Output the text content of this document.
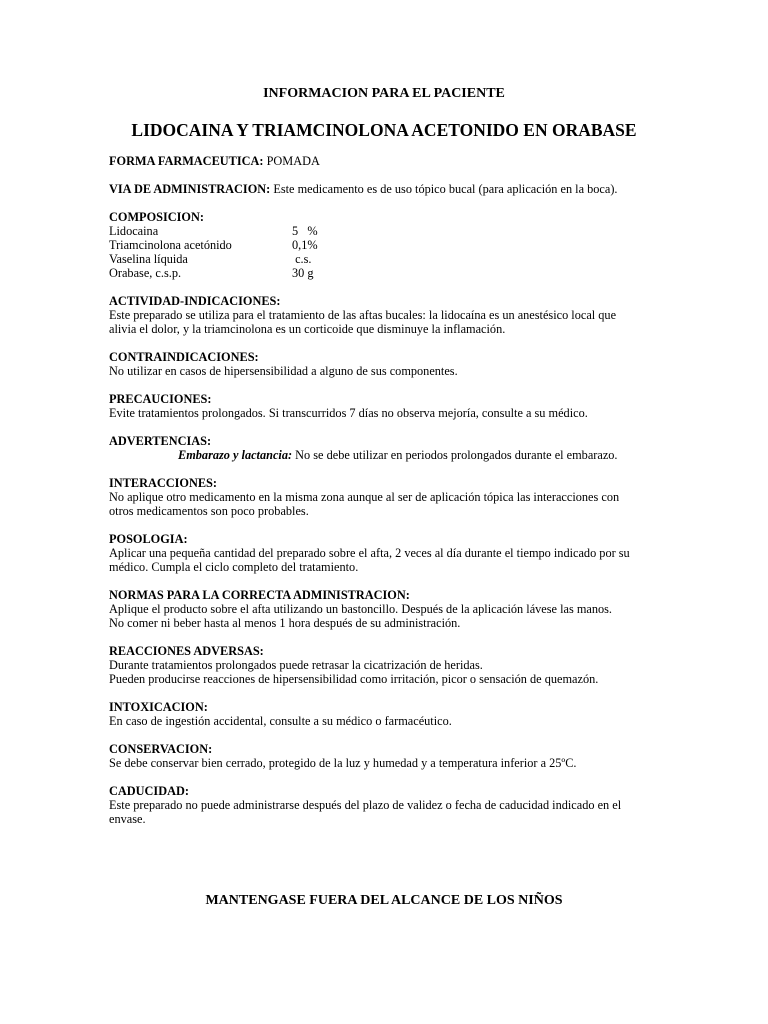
INFORMACION PARA EL PACIENTE
LIDOCAINA Y TRIAMCINOLONA ACETONIDO EN ORABASE
FORMA FARMACEUTICA: POMADA
VIA DE ADMINISTRACION: Este medicamento es de uso tópico bucal (para aplicación en la boca).
COMPOSICION:
Lidocaina	5   %
Triamcinolona acetónido	0,1%
Vaselina líquida	c.s.
Orabase, c.s.p.	30 g
ACTIVIDAD-INDICACIONES:
Este preparado se utiliza para el tratamiento de las aftas bucales: la lidocaína es un anestésico local que
alivia el dolor, y la triamcinolona es un corticoide que disminuye la inflamación.
CONTRAINDICACIONES:
No utilizar en casos de hipersensibilidad a alguno de sus componentes.
PRECAUCIONES:
Evite tratamientos prolongados. Si transcurridos 7 días no observa mejoría, consulte a su médico.
ADVERTENCIAS:
Embarazo y lactancia: No se debe utilizar en periodos prolongados durante el embarazo.
INTERACCIONES:
No aplique otro medicamento en la misma zona aunque al ser de aplicación tópica las interacciones con
otros medicamentos son poco probables.
POSOLOGIA:
Aplicar una pequeña cantidad del preparado sobre el afta, 2 veces al día durante el tiempo indicado por su
médico. Cumpla el ciclo completo del tratamiento.
NORMAS PARA LA CORRECTA ADMINISTRACION:
Aplique el producto sobre el afta utilizando un bastoncillo. Después de la aplicación lávese las manos.
No comer ni beber hasta al menos 1 hora después de su administración.
REACCIONES ADVERSAS:
Durante tratamientos prolongados puede retrasar la cicatrización de heridas.
Pueden producirse reacciones de hipersensibilidad como irritación, picor o sensación de quemazón.
INTOXICACION:
En caso de ingestión accidental, consulte a su médico o farmacéutico.
CONSERVACION:
Se debe conservar bien cerrado, protegido de la luz y humedad y a temperatura inferior a 25ºC.
CADUCIDAD:
Este preparado no puede administrarse después del plazo de validez o fecha de caducidad indicado en el
envase.
MANTENGASE FUERA DEL ALCANCE DE LOS NIÑOS
